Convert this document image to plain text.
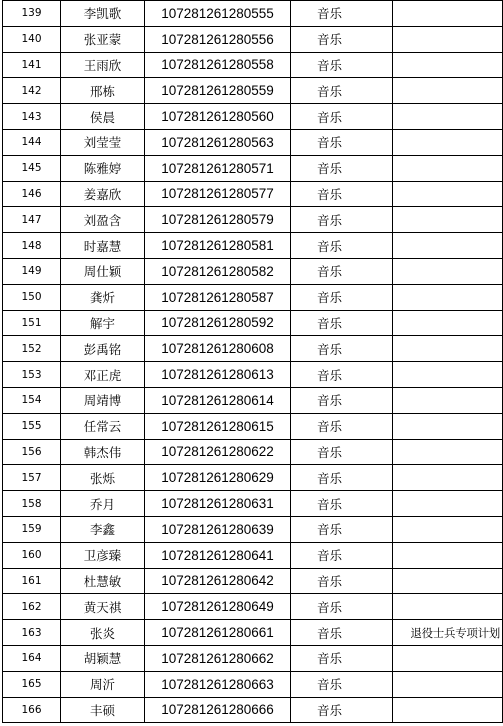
139	李凯歌	107281261280555	音乐	
140	张亚蒙	107281261280556	音乐	
141	王雨欣	107281261280558	音乐	
142	邢栋	107281261280559	音乐	
143	侯晨	107281261280560	音乐	
144	刘莹莹	107281261280563	音乐	
145	陈雅婷	107281261280571	音乐	
146	姜嘉欣	107281261280577	音乐	
147	刘盈含	107281261280579	音乐	
148	时嘉慧	107281261280581	音乐	
149	周仕颖	107281261280582	音乐	
150	龚炘	107281261280587	音乐	
151	解宇	107281261280592	音乐	
152	彭禹铭	107281261280608	音乐	
153	邓正虎	107281261280613	音乐	
154	周靖博	107281261280614	音乐	
155	任常云	107281261280615	音乐	
156	韩杰伟	107281261280622	音乐	
157	张烁	107281261280629	音乐	
158	乔月	107281261280631	音乐	
159	李鑫	107281261280639	音乐	
160	卫彦臻	107281261280641	音乐	
161	杜慧敏	107281261280642	音乐	
162	黄天祺	107281261280649	音乐	
163	张炎	107281261280661	音乐	退役士兵专项计划
164	胡颖慧	107281261280662	音乐	
165	周沂	107281261280663	音乐	
166	丰硕	107281261280666	音乐	
